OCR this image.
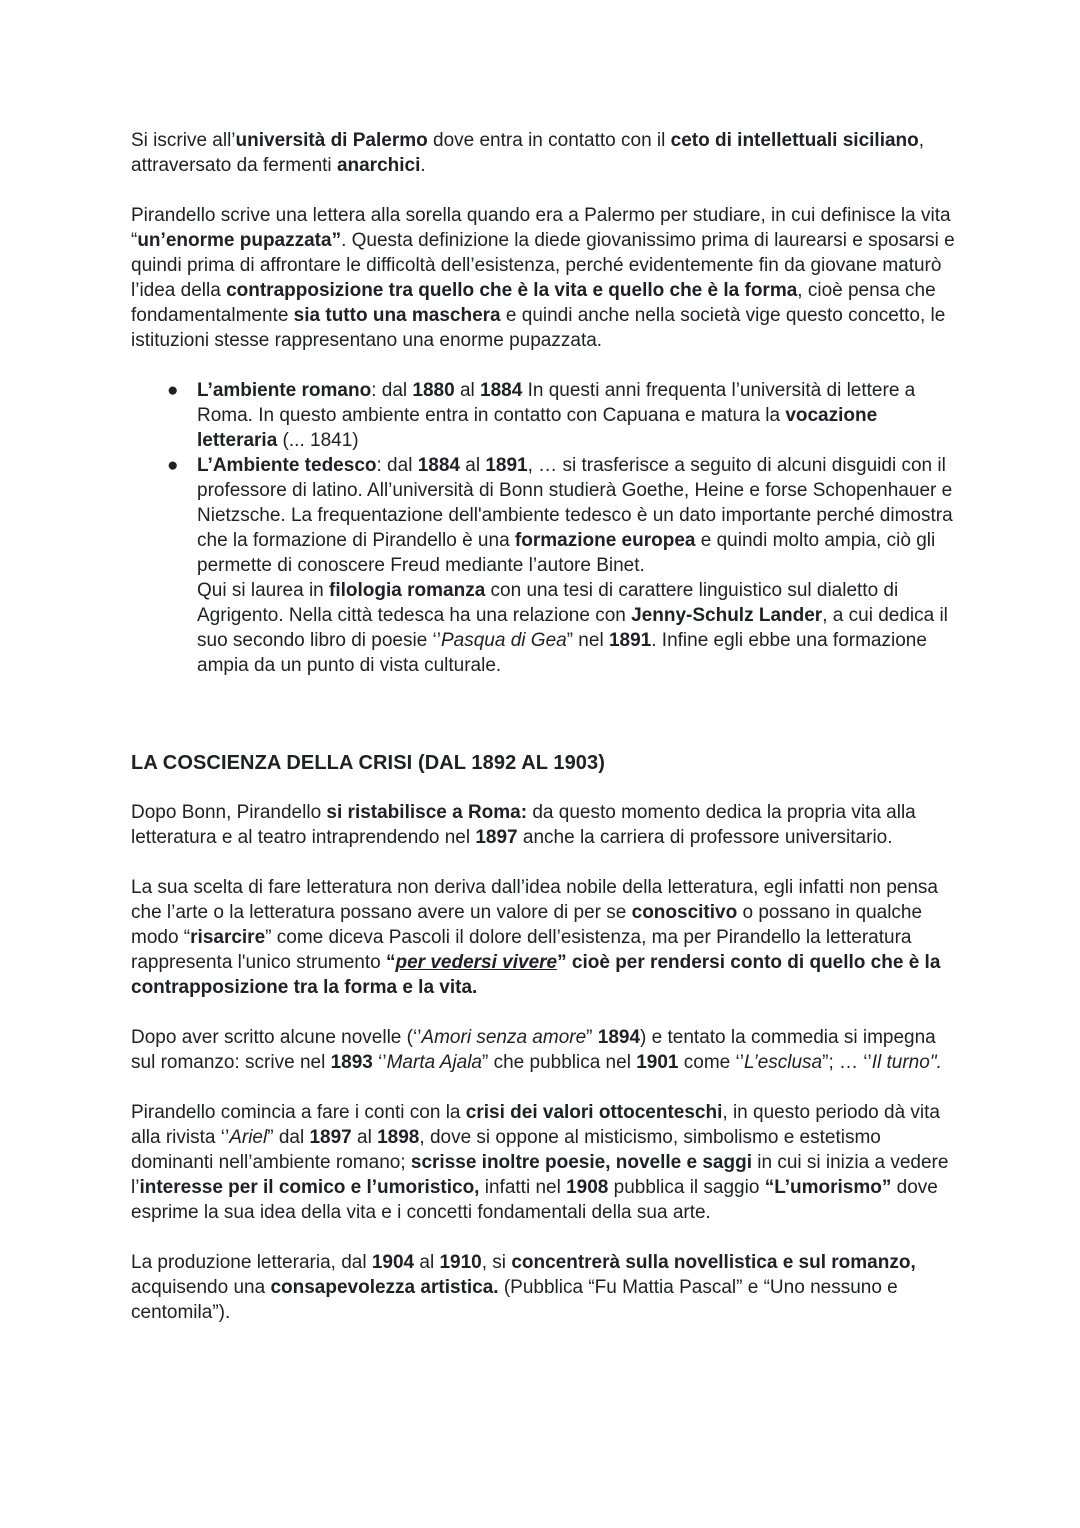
Si iscrive all’università di Palermo dove entra in contatto con il ceto di intellettuali siciliano, attraversato da fermenti anarchici.

Pirandello scrive una lettera alla sorella quando era a Palermo per studiare, in cui definisce la vita “un’enorme pupazzata”. Questa definizione la diede giovanissimo prima di laurearsi e sposarsi e quindi prima di affrontare le difficoltà dell’esistenza, perché evidentemente fin da giovane maturò l’idea della contrapposizione tra quello che è la vita e quello che è la forma, cioè pensa che fondamentalmente sia tutto una maschera e quindi anche nella società vige questo concetto, le istituzioni stesse rappresentano una enorme pupazzata.

● L’ambiente romano: dal 1880 al 1884 In questi anni frequenta l’università di lettere a Roma. In questo ambiente entra in contatto con Capuana e matura la vocazione letteraria (... 1841)
● L’Ambiente tedesco: dal 1884 al 1891, … si trasferisce a seguito di alcuni disguidi con il professore di latino. All’università di Bonn studierà Goethe, Heine e forse Schopenhauer e Nietzsche. La frequentazione dell'ambiente tedesco è un dato importante perché dimostra che la formazione di Pirandello è una formazione europea e quindi molto ampia, ciò gli permette di conoscere Freud mediante l’autore Binet.
Qui si laurea in filologia romanza con una tesi di carattere linguistico sul dialetto di Agrigento. Nella città tedesca ha una relazione con Jenny-Schulz Lander, a cui dedica il suo secondo libro di poesie ‘’Pasqua di Gea” nel 1891. Infine egli ebbe una formazione ampia da un punto di vista culturale.
LA COSCIENZA DELLA CRISI (DAL 1892 AL 1903)

Dopo Bonn, Pirandello si ristabilisce a Roma: da questo momento dedica la propria vita alla letteratura e al teatro intraprendendo nel 1897 anche la carriera di professore universitario.

La sua scelta di fare letteratura non deriva dall’idea nobile della letteratura, egli infatti non pensa che l’arte o la letteratura possano avere un valore di per se conoscitivo o possano in qualche modo “risarcire” come diceva Pascoli il dolore dell’esistenza, ma per Pirandello la letteratura rappresenta l'unico strumento “per vedersi vivere” cioè per rendersi conto di quello che è la contrapposizione tra la forma e la vita.

Dopo aver scritto alcune novelle (‘’Amori senza amore” 1894) e tentato la commedia si impegna sul romanzo: scrive nel 1893 ‘’Marta Ajala” che pubblica nel 1901 come ‘’L’esclusa”; … ‘’Il turno".

Pirandello comincia a fare i conti con la crisi dei valori ottocenteschi, in questo periodo dà vita alla rivista ‘’Ariel” dal 1897 al 1898, dove si oppone al misticismo, simbolismo e estetismo dominanti nell’ambiente romano; scrisse inoltre poesie, novelle e saggi in cui si inizia a vedere l’interesse per il comico e l’umoristico, infatti nel 1908 pubblica il saggio “L’umorismo” dove esprime la sua idea della vita e i concetti fondamentali della sua arte.

La produzione letteraria, dal 1904 al 1910, si concentrerà sulla novellistica e sul romanzo, acquisendo una consapevolezza artistica. (Pubblica “Fu Mattia Pascal” e “Uno nessuno e centomila”).
